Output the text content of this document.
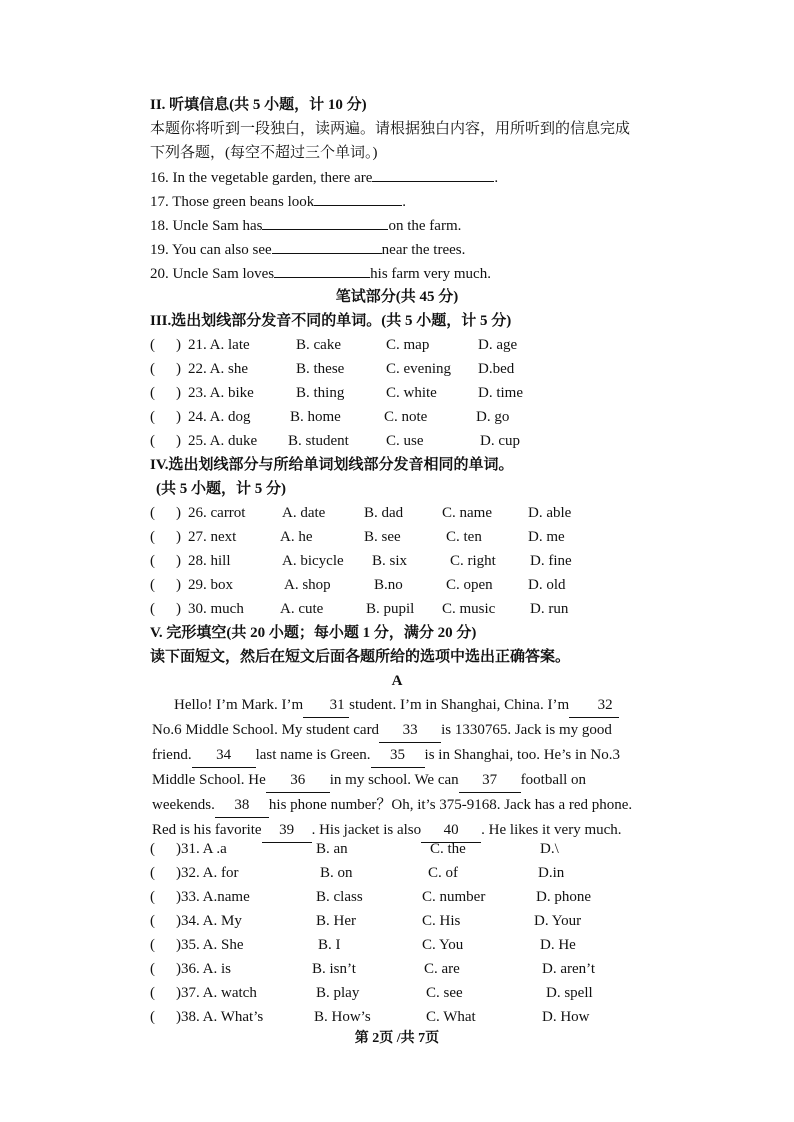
II. 听填信息(共 5 小题，计 10 分)
本题你将听到一段独白，读两遍。请根据独白内容，用所听到的信息完成
下列各题，(每空不超过三个单词。)
16. In the vegetable garden, there are	.
17. Those green beans look	.
18. Uncle Sam has	on the farm.
19. You can also see	near the trees.
20. Uncle Sam loves	his farm very much.
笔试部分(共 45 分)
III.选出划线部分发音不同的单词。(共 5 小题，计 5 分)
( ) 21. A. late	B. cake	C. map	D. age
( ) 22. A. she	B. these	C. evening D.bed
( ) 23. A. bike	B. thing	C. white	D. time
( ) 24. A. dog	B. home	C. note	D. go
( ) 25. A. duke B. student C. use	D. cup
IV.选出划线部分与所给单词划线部分发音相同的单词。
(共 5 小题，计 5 分)
( ) 26. carrot A. date	B. dad	C. name D. able
( ) 27. next	A. he	B. see	C. ten	D. me
( ) 28. hill	A. bicycle B. six	C. right D. fine
( ) 29. box	A. shop	B.no	C. open D. old
( ) 30. much A. cute	B. pupil C. music D. run
V. 完形填空(共 20 小题；每小题 1 分，满分 20 分)
读下面短文，然后在短文后面各题所给的选项中选出正确答案。
A
Hello! I’m Mark. I’m 31 student. I’m in Shanghai, China. I’m 32
No.6 Middle School. My student card 33 is 1330765. Jack is my good
friend. 34 last name is Green. 35 is in Shanghai, too. He’s in No.3
Middle School. He 36 in my school. We can 37 football on
weekends. 38 his phone number？Oh, it’s 375-9168. Jack has a red phone.
Red is his favorite 39 . His jacket is also 40 . He likes it very much.
( )31. A .a	B. an	C. the	D.\
( )32. A. for	B. on	C. of	D.in
( )33. A.name	B. class	C. number	D. phone
( )34. A. My	B. Her	C. His	D. Your
( )35. A. She	B. I	C. You	D. He
( )36. A. is	B. isn’t	C. are	D. aren’t
( )37. A. watch	B. play	C. see	D. spell
( )38. A. What’s	B. How’s	C. What	D. How
第 2页 /共 7页
